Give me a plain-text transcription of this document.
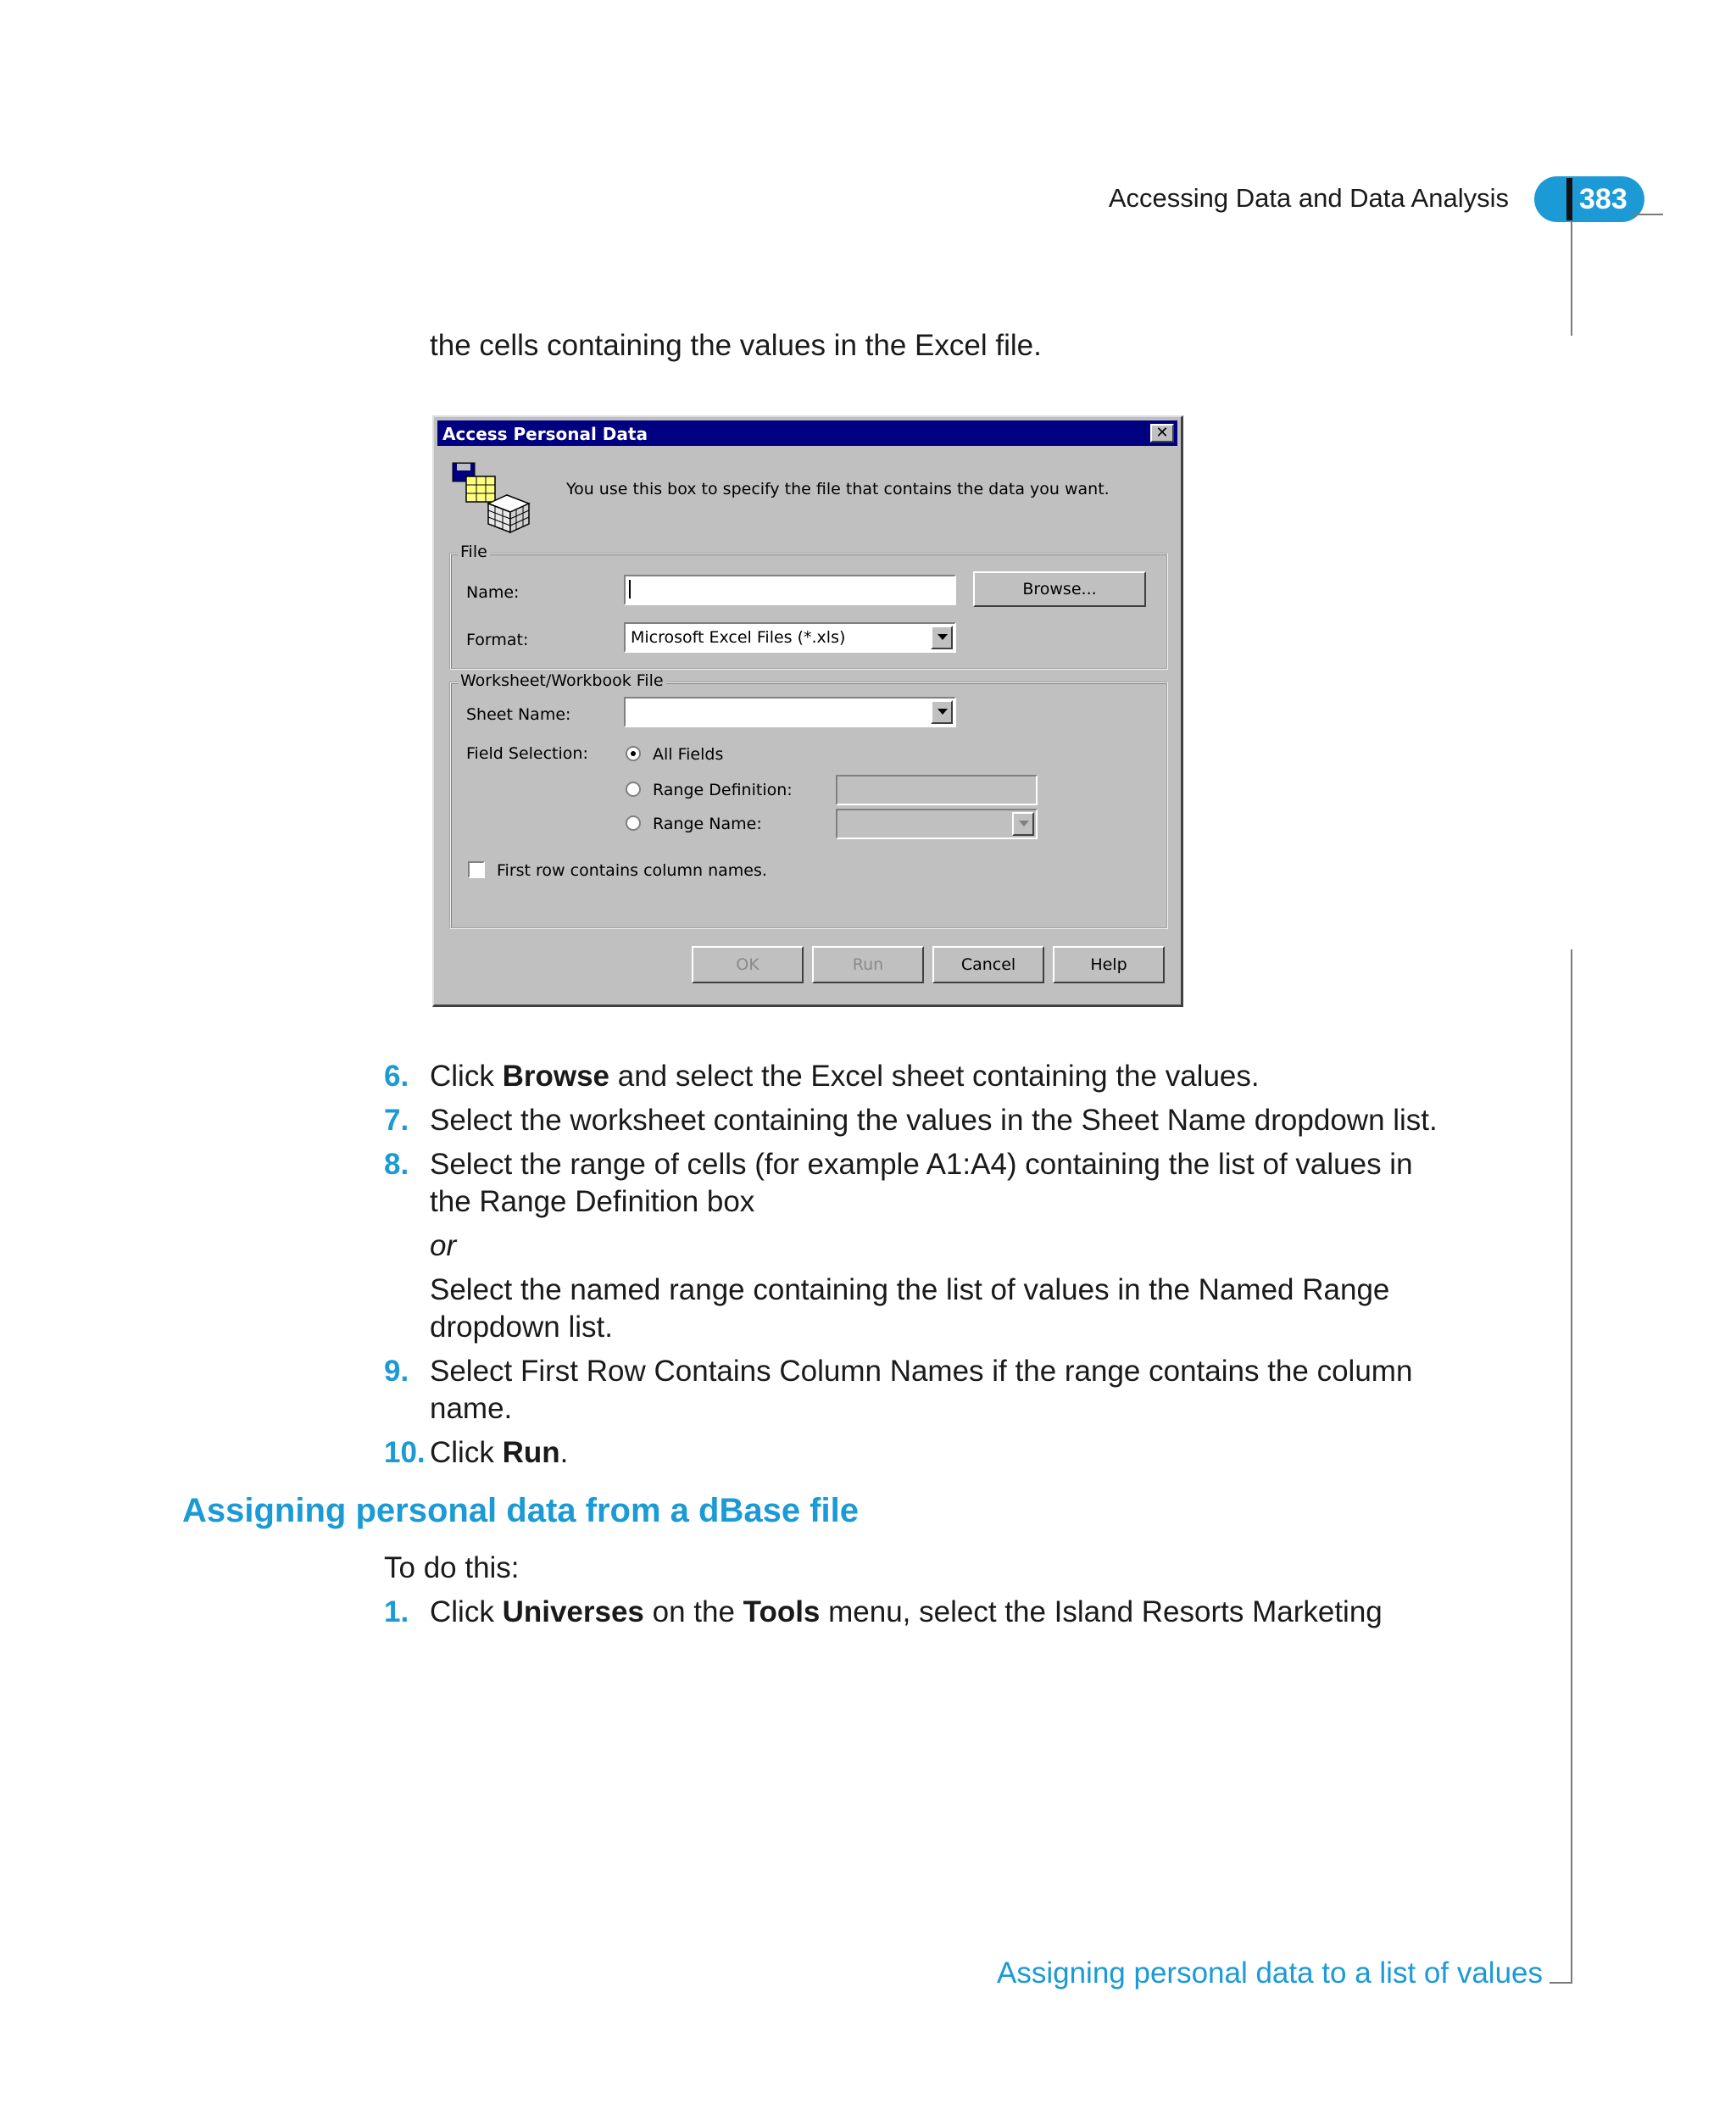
Accessing Data and Data Analysis	383
the cells containing the values in the Excel file.
Access Personal Data	✕
You use this box to specify the file that contains the data you want.
File
Name:	Browse...
Format:	Microsoft Excel Files (*.xls)
Worksheet/Workbook File
Sheet Name:
Field Selection:	All Fields
Range Definition:
Range Name:
First row contains column names.
OK	Run	Cancel	Help
6. Click Browse and select the Excel sheet containing the values.
7. Select the worksheet containing the values in the Sheet Name dropdown list.
8. Select the range of cells (for example A1:A4) containing the list of values in
the Range Definition box
or
Select the named range containing the list of values in the Named Range
dropdown list.
9. Select First Row Contains Column Names if the range contains the column
name.
10. Click Run.
Assigning personal data from a dBase file
To do this:
1. Click Universes on the Tools menu, select the Island Resorts Marketing
Assigning personal data to a list of values
